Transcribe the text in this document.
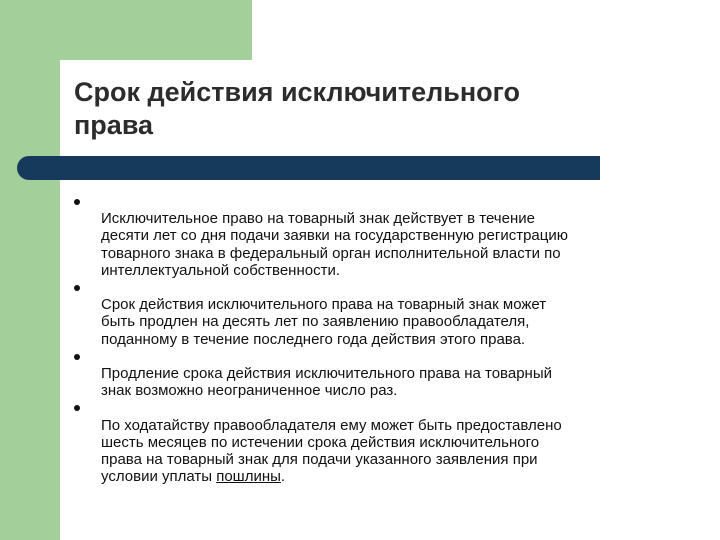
Срок действия исключительного
права

Исключительное право на товарный знак действует в течение
десяти лет со дня подачи заявки на государственную регистрацию
товарного знака в федеральный орган исполнительной власти по
интеллектуальной собственности.

Срок действия исключительного права на товарный знак может
быть продлен на десять лет по заявлению правообладателя,
поданному в течение последнего года действия этого права.

Продление срока действия исключительного права на товарный
знак возможно неограниченное число раз.

По ходатайству правообладателя ему может быть предоставлено
шесть месяцев по истечении срока действия исключительного
права на товарный знак для подачи указанного заявления при
условии уплаты пошлины.
